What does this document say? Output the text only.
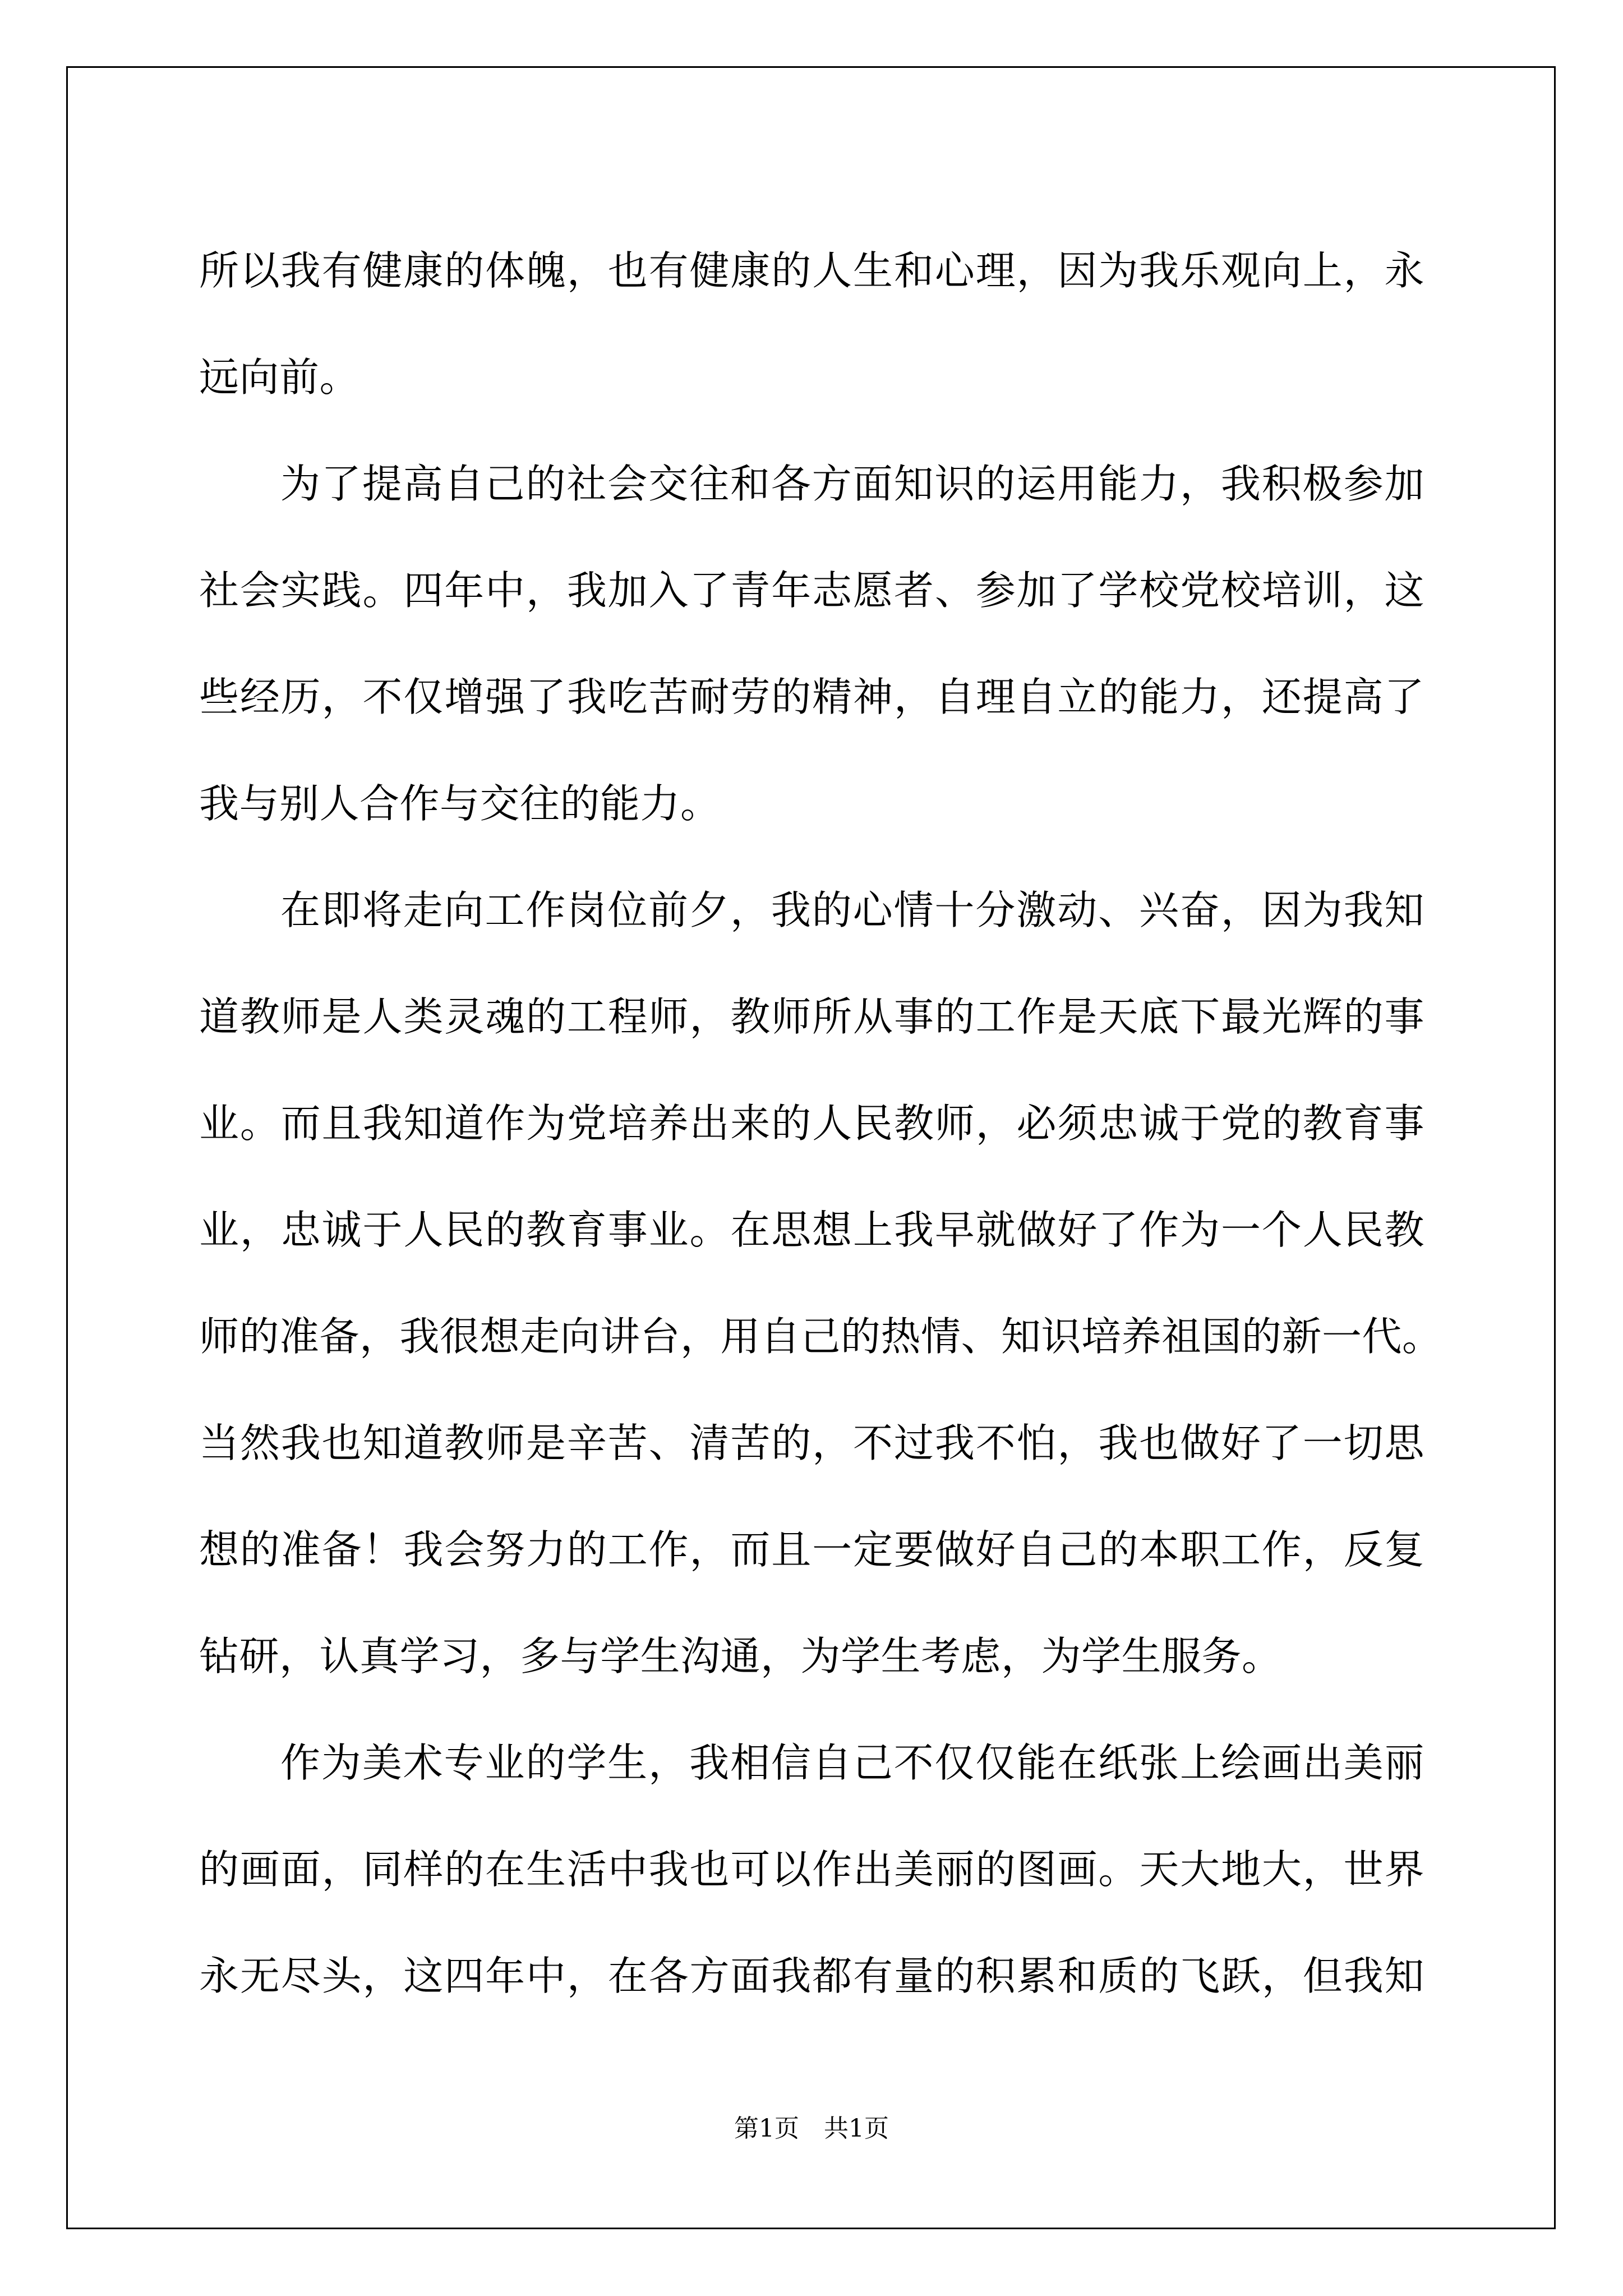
所以我有健康的体魄，也有健康的人生和心理，因为我乐观向上，永

远向前。

为了提高自己的社会交往和各方面知识的运用能力，我积极参加

社会实践。四年中，我加入了青年志愿者、参加了学校党校培训，这

些经历，不仅增强了我吃苦耐劳的精神，自理自立的能力，还提高了

我与别人合作与交往的能力。

在即将走向工作岗位前夕，我的心情十分激动、兴奋，因为我知

道教师是人类灵魂的工程师，教师所从事的工作是天底下最光辉的事

业。而且我知道作为党培养出来的人民教师，必须忠诚于党的教育事

业，忠诚于人民的教育事业。在思想上我早就做好了作为一个人民教

师的准备，我很想走向讲台，用自己的热情、知识培养祖国的新一代。

当然我也知道教师是辛苦、清苦的，不过我不怕，我也做好了一切思

想的准备！我会努力的工作，而且一定要做好自己的本职工作，反复

钻研，认真学习，多与学生沟通，为学生考虑，为学生服务。

作为美术专业的学生，我相信自己不仅仅能在纸张上绘画出美丽

的画面，同样的在生活中我也可以作出美丽的图画。天大地大，世界

永无尽头，这四年中，在各方面我都有量的积累和质的飞跃，但我知

第1页　共1页
